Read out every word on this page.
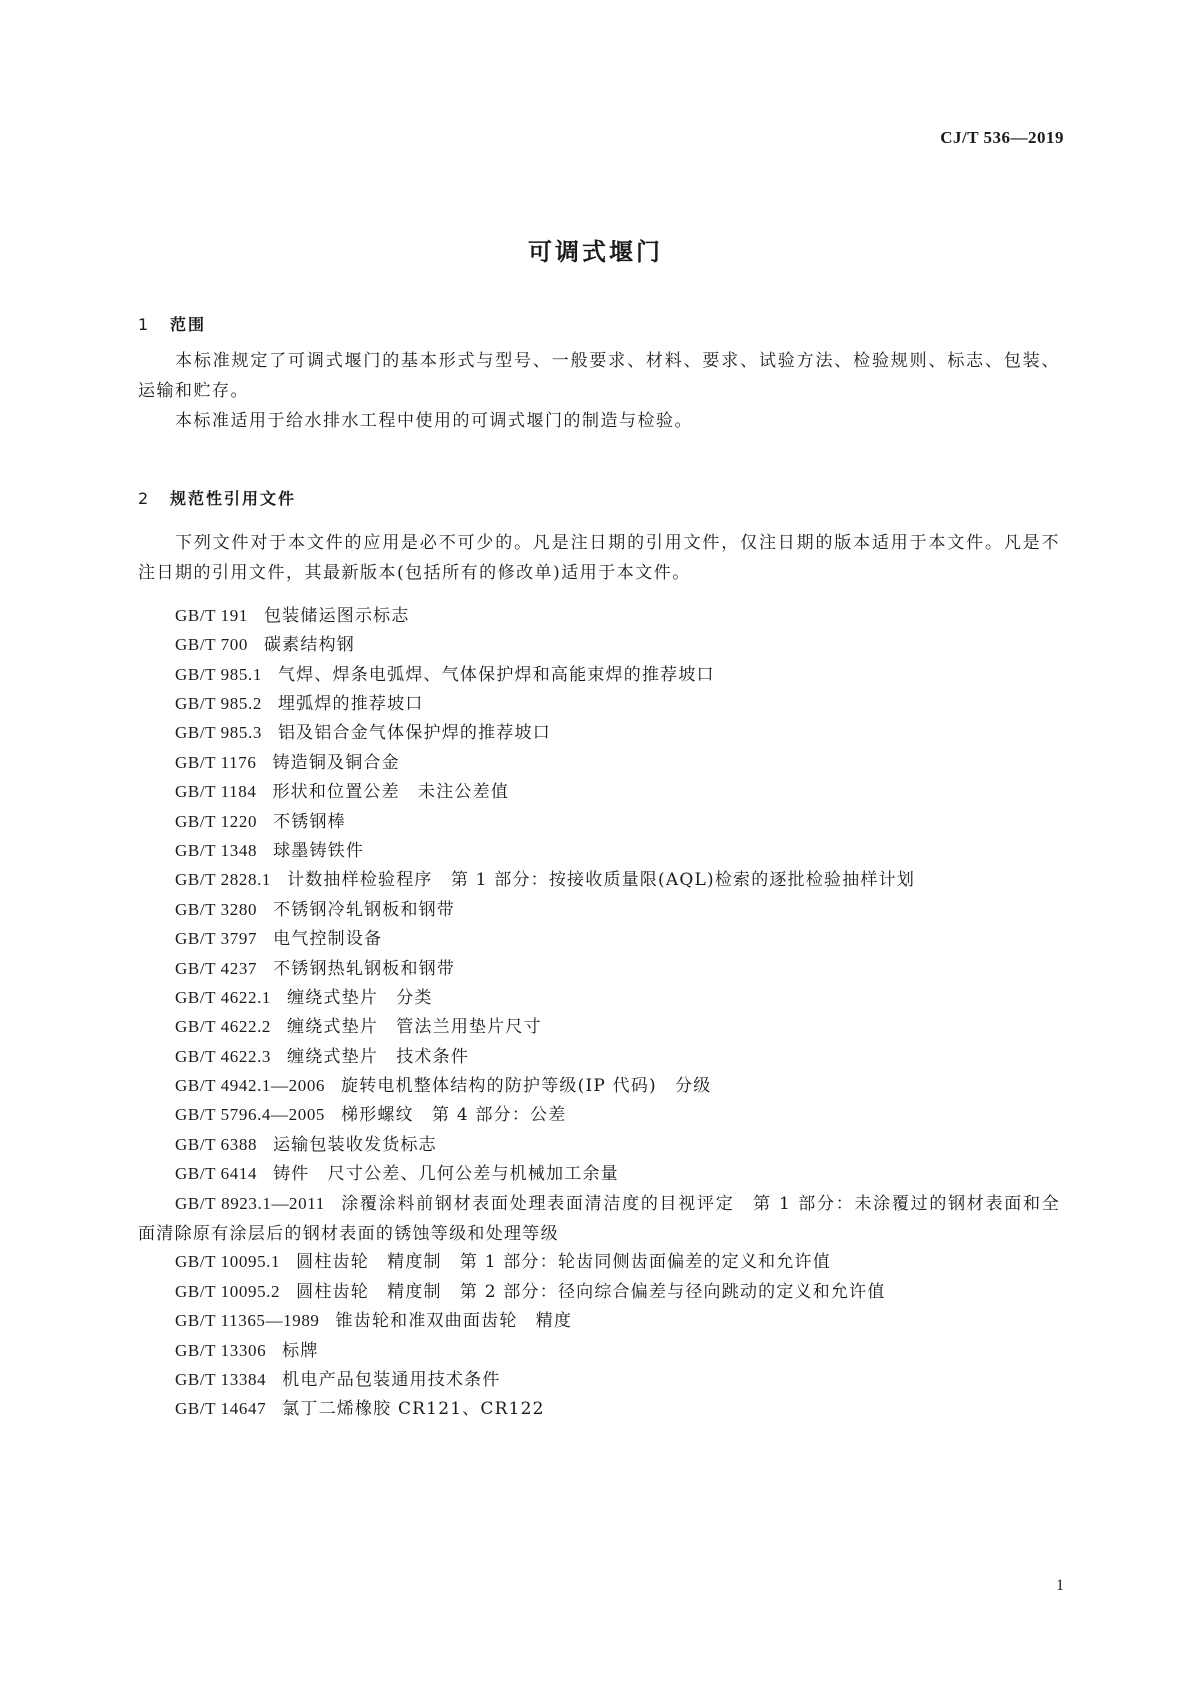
CJ/T 536—2019
可调式堰门
1 范围

本标准规定了可调式堰门的基本形式与型号、一般要求、材料、要求、试验方法、检验规则、标志、包装、运输和贮存。

本标准适用于给水排水工程中使用的可调式堰门的制造与检验。

2 规范性引用文件

下列文件对于本文件的应用是必不可少的。凡是注日期的引用文件，仅注日期的版本适用于本文件。凡是不注日期的引用文件，其最新版本(包括所有的修改单)适用于本文件。

GB/T 191 包装储运图示标志
GB/T 700 碳素结构钢
GB/T 985.1 气焊、焊条电弧焊、气体保护焊和高能束焊的推荐坡口
GB/T 985.2 埋弧焊的推荐坡口
GB/T 985.3 铝及铝合金气体保护焊的推荐坡口
GB/T 1176 铸造铜及铜合金
GB/T 1184 形状和位置公差　未注公差值
GB/T 1220 不锈钢棒
GB/T 1348 球墨铸铁件
GB/T 2828.1 计数抽样检验程序　第 1 部分：按接收质量限(AQL)检索的逐批检验抽样计划
GB/T 3280 不锈钢冷轧钢板和钢带
GB/T 3797 电气控制设备
GB/T 4237 不锈钢热轧钢板和钢带
GB/T 4622.1 缠绕式垫片　分类
GB/T 4622.2 缠绕式垫片　管法兰用垫片尺寸
GB/T 4622.3 缠绕式垫片　技术条件
GB/T 4942.1—2006 旋转电机整体结构的防护等级(IP 代码)　分级
GB/T 5796.4—2005 梯形螺纹　第 4 部分：公差
GB/T 6388 运输包装收发货标志
GB/T 6414 铸件　尺寸公差、几何公差与机械加工余量
GB/T 8923.1—2011 涂覆涂料前钢材表面处理表面清洁度的目视评定　第 1 部分：未涂覆过的钢材表面和全面清除原有涂层后的钢材表面的锈蚀等级和处理等级
GB/T 10095.1 圆柱齿轮　精度制　第 1 部分：轮齿同侧齿面偏差的定义和允许值
GB/T 10095.2 圆柱齿轮　精度制　第 2 部分：径向综合偏差与径向跳动的定义和允许值
GB/T 11365—1989 锥齿轮和准双曲面齿轮　精度
GB/T 13306 标牌
GB/T 13384 机电产品包装通用技术条件
GB/T 14647 氯丁二烯橡胶 CR121、CR122
1
